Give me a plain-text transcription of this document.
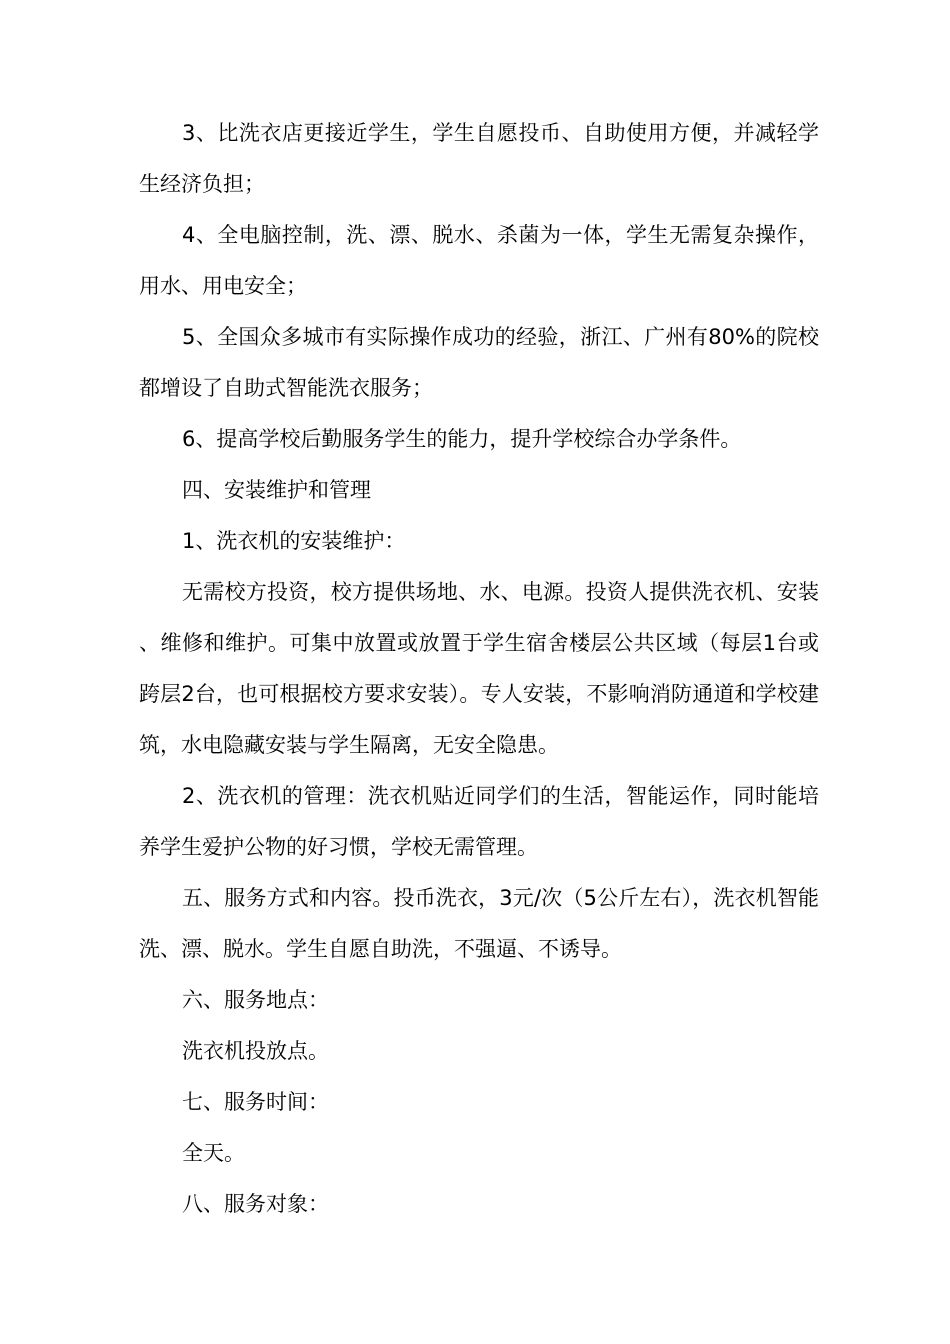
3、比洗衣店更接近学生，学生自愿投币、自助使用方便，并减轻学生经济负担；

4、全电脑控制，洗、漂、脱水、杀菌为一体，学生无需复杂操作，用水、用电安全；

5、全国众多城市有实际操作成功的经验，浙江、广州有80%的院校都增设了自助式智能洗衣服务；

6、提高学校后勤服务学生的能力，提升学校综合办学条件。

四、安装维护和管理

1、洗衣机的安装维护：

无需校方投资，校方提供场地、水、电源。投资人提供洗衣机、安装、维修和维护。可集中放置或放置于学生宿舍楼层公共区域（每层1台或跨层2台，也可根据校方要求安装）。专人安装，不影响消防通道和学校建筑，水电隐藏安装与学生隔离，无安全隐患。

2、洗衣机的管理：洗衣机贴近同学们的生活，智能运作，同时能培养学生爱护公物的好习惯，学校无需管理。

五、服务方式和内容。投币洗衣，3元/次（5公斤左右），洗衣机智能洗、漂、脱水。学生自愿自助洗，不强逼、不诱导。

六、服务地点：

洗衣机投放点。

七、服务时间：

全天。

八、服务对象：
